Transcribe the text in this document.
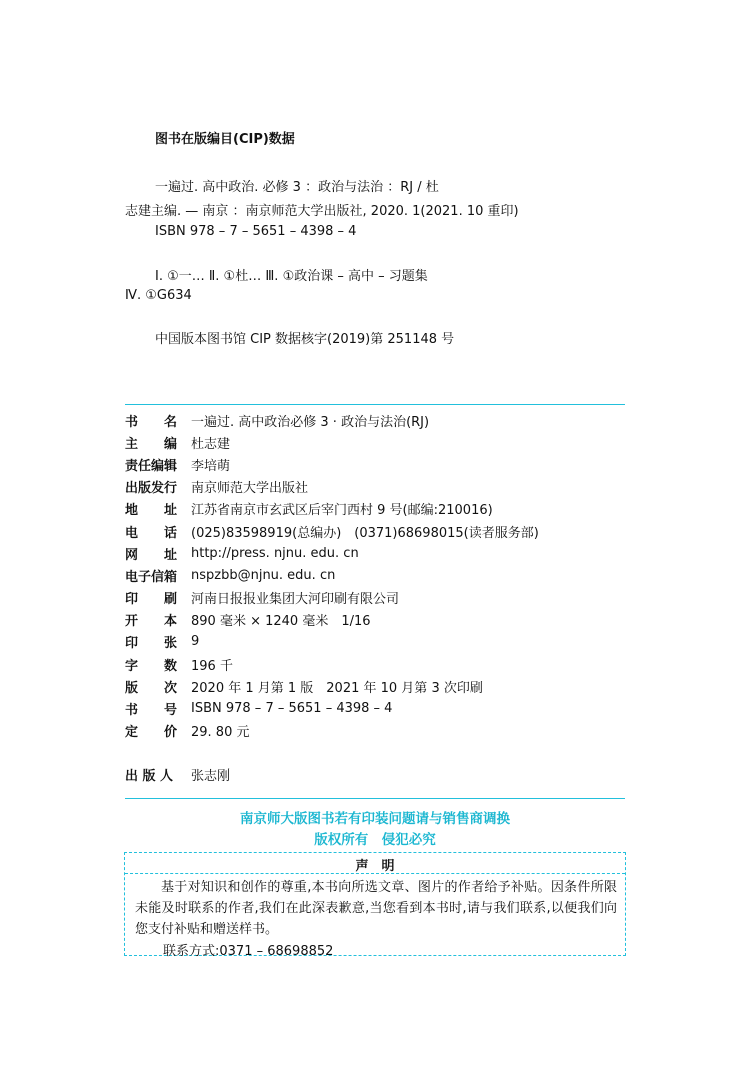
图书在版编目(CIP)数据
一遍过. 高中政治. 必修 3 ：政治与法治 ：RJ / 杜
志建主编. — 南京 ：南京师范大学出版社, 2020. 1(2021. 10 重印)
ISBN 978 – 7 – 5651 – 4398 – 4
Ⅰ. ①一… Ⅱ. ①杜… Ⅲ. ①政治课 – 高中 – 习题集
Ⅳ. ①G634
中国版本图书馆 CIP 数据核字(2019)第 251148 号
书　　名	一遍过. 高中政治必修 3 · 政治与法治(RJ)
主　　编	杜志建
责任编辑	李培萌
出版发行	南京师范大学出版社
地　　址	江苏省南京市玄武区后宰门西村 9 号(邮编:210016)
电　　话	(025)83598919(总编办)　(0371)68698015(读者服务部)
网　　址	http://press. njnu. edu. cn
电子信箱	nspzbb@njnu. edu. cn
印　　刷	河南日报报业集团大河印刷有限公司
开　　本	890 毫米 × 1240 毫米　1/16
印　　张	9
字　　数	196 千
版　　次	2020 年 1 月第 1 版　2021 年 10 月第 3 次印刷
书　　号	ISBN 978 – 7 – 5651 – 4398 – 4
定　　价	29. 80 元
出 版 人	张志刚
南京师大版图书若有印装问题请与销售商调换
版权所有　侵犯必究
声　明
基于对知识和创作的尊重,本书向所选文章、图片的作者给予补贴。因条件所限未能及时联系的作者,我们在此深表歉意,当您看到本书时,请与我们联系,以便我们向您支付补贴和赠送样书。
联系方式:0371 – 68698852
